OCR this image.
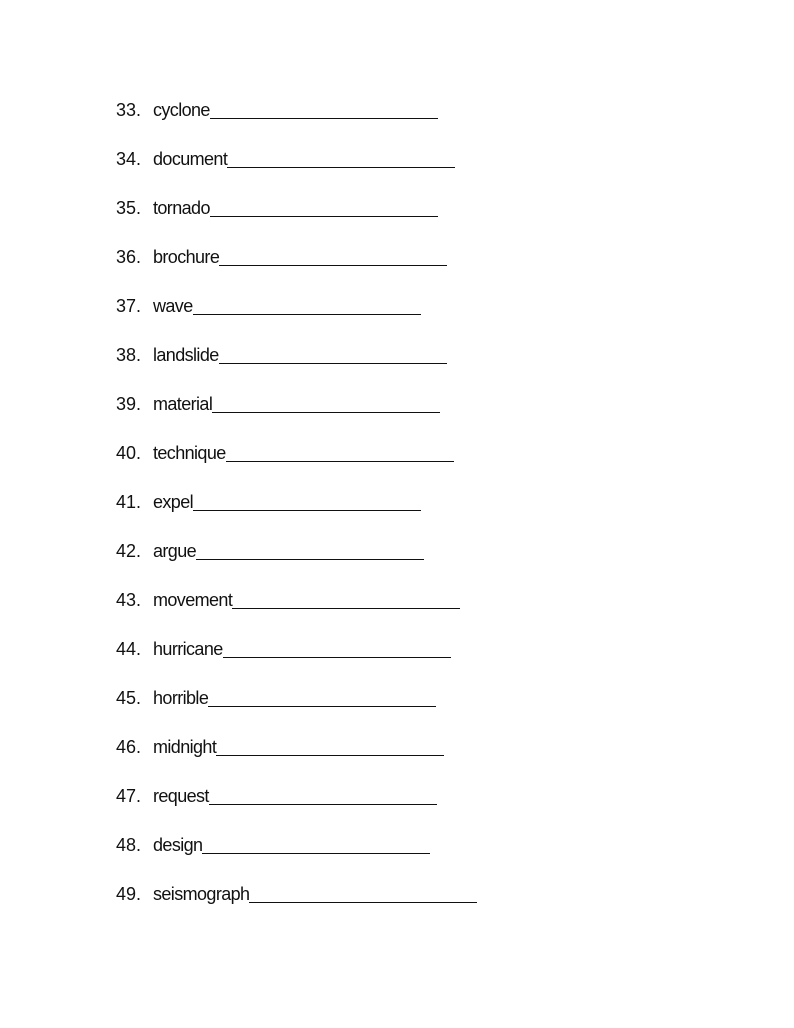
33. cyclone
34. document
35. tornado
36. brochure
37. wave
38. landslide
39. material
40. technique
41. expel
42. argue
43. movement
44. hurricane
45. horrible
46. midnight
47. request
48. design
49. seismograph
